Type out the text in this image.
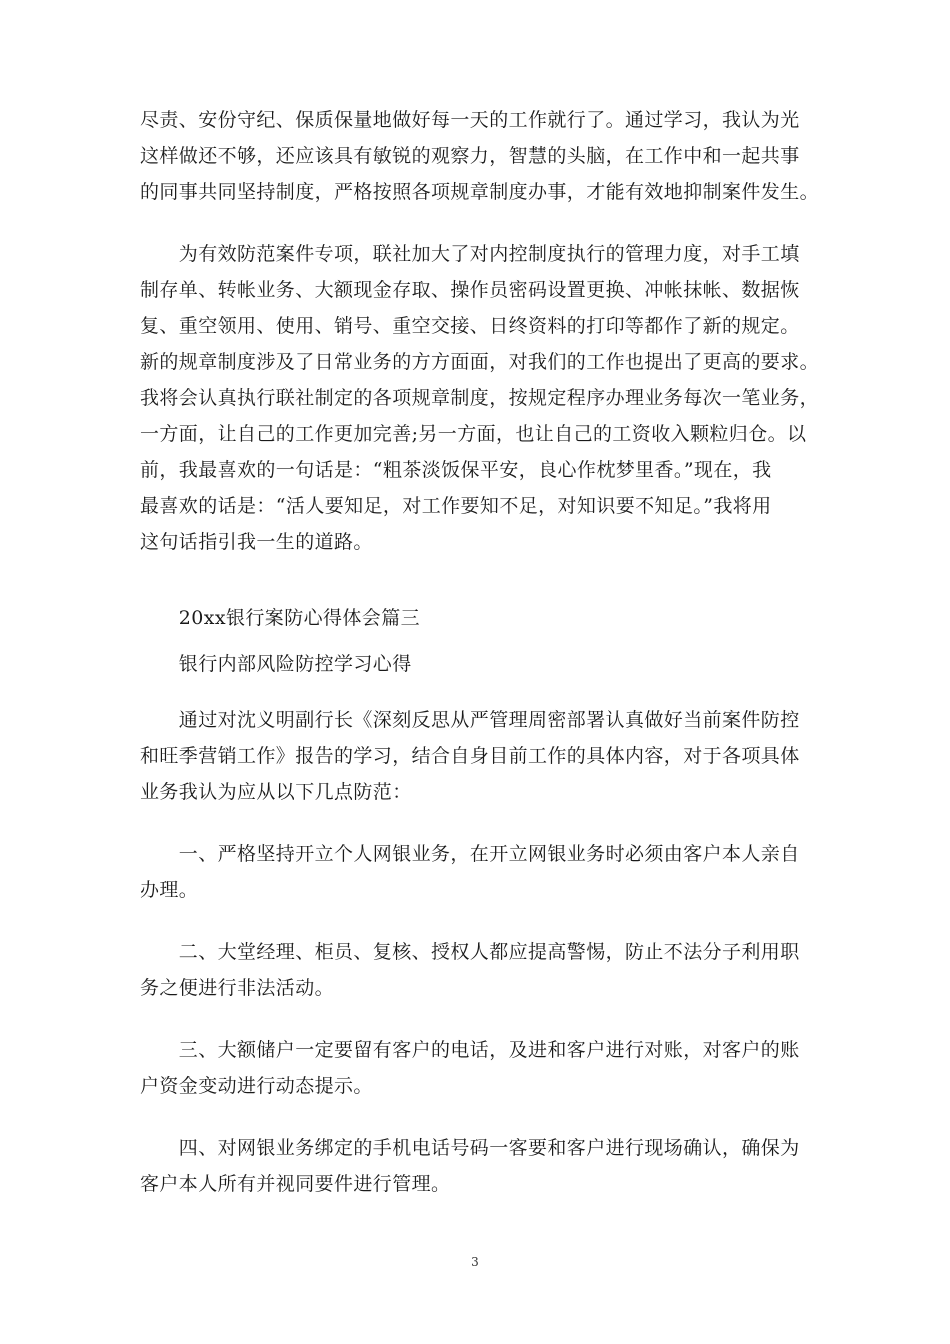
尽责、安份守纪、保质保量地做好每一天的工作就行了。通过学习，我认为光
这样做还不够，还应该具有敏锐的观察力，智慧的头脑，在工作中和一起共事
的同事共同坚持制度，严格按照各项规章制度办事，才能有效地抑制案件发生。
　　为有效防范案件专项，联社加大了对内控制度执行的管理力度，对手工填
制存单、转帐业务、大额现金存取、操作员密码设置更换、冲帐抹帐、数据恢
复、重空领用、使用、销号、重空交接、日终资料的打印等都作了新的规定。
新的规章制度涉及了日常业务的方方面面，对我们的工作也提出了更高的要求。
我将会认真执行联社制定的各项规章制度，按规定程序办理业务每次一笔业务，
一方面，让自己的工作更加完善;另一方面，也让自己的工资收入颗粒归仓。以
前，我最喜欢的一句话是：“粗茶淡饭保平安，良心作枕梦里香。”现在，我
最喜欢的话是：“活人要知足，对工作要知不足，对知识要不知足。”我将用
这句话指引我一生的道路。
　　20xx银行案防心得体会篇三
　　银行内部风险防控学习心得
　　通过对沈义明副行长《深刻反思从严管理周密部署认真做好当前案件防控
和旺季营销工作》报告的学习，结合自身目前工作的具体内容，对于各项具体
业务我认为应从以下几点防范：
　　一、严格坚持开立个人网银业务，在开立网银业务时必须由客户本人亲自
办理。
　　二、大堂经理、柜员、复核、授权人都应提高警惕，防止不法分子利用职
务之便进行非法活动。
　　三、大额储户一定要留有客户的电话，及进和客户进行对账，对客户的账
户资金变动进行动态提示。
　　四、对网银业务绑定的手机电话号码一客要和客户进行现场确认，确保为
客户本人所有并视同要件进行管理。
3
